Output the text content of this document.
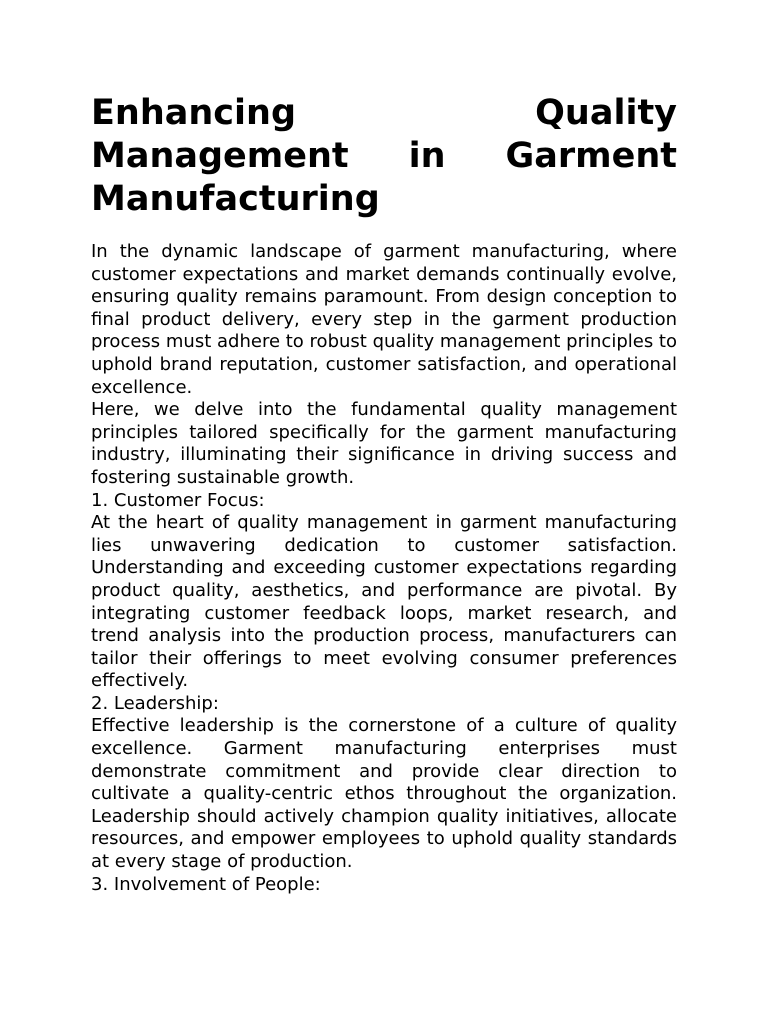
Enhancing Quality Management in Garment Manufacturing

In the dynamic landscape of garment manufacturing, where customer expectations and market demands continually evolve, ensuring quality remains paramount. From design conception to final product delivery, every step in the garment production process must adhere to robust quality management principles to uphold brand reputation, customer satisfaction, and operational excellence.

Here, we delve into the fundamental quality management principles tailored specifically for the garment manufacturing industry, illuminating their significance in driving success and fostering sustainable growth.

1. Customer Focus:

At the heart of quality management in garment manufacturing lies unwavering dedication to customer satisfaction. Understanding and exceeding customer expectations regarding product quality, aesthetics, and performance are pivotal. By integrating customer feedback loops, market research, and trend analysis into the production process, manufacturers can tailor their offerings to meet evolving consumer preferences effectively.

2. Leadership:

Effective leadership is the cornerstone of a culture of quality excellence. Garment manufacturing enterprises must demonstrate commitment and provide clear direction to cultivate a quality-centric ethos throughout the organization. Leadership should actively champion quality initiatives, allocate resources, and empower employees to uphold quality standards at every stage of production.

3. Involvement of People:
